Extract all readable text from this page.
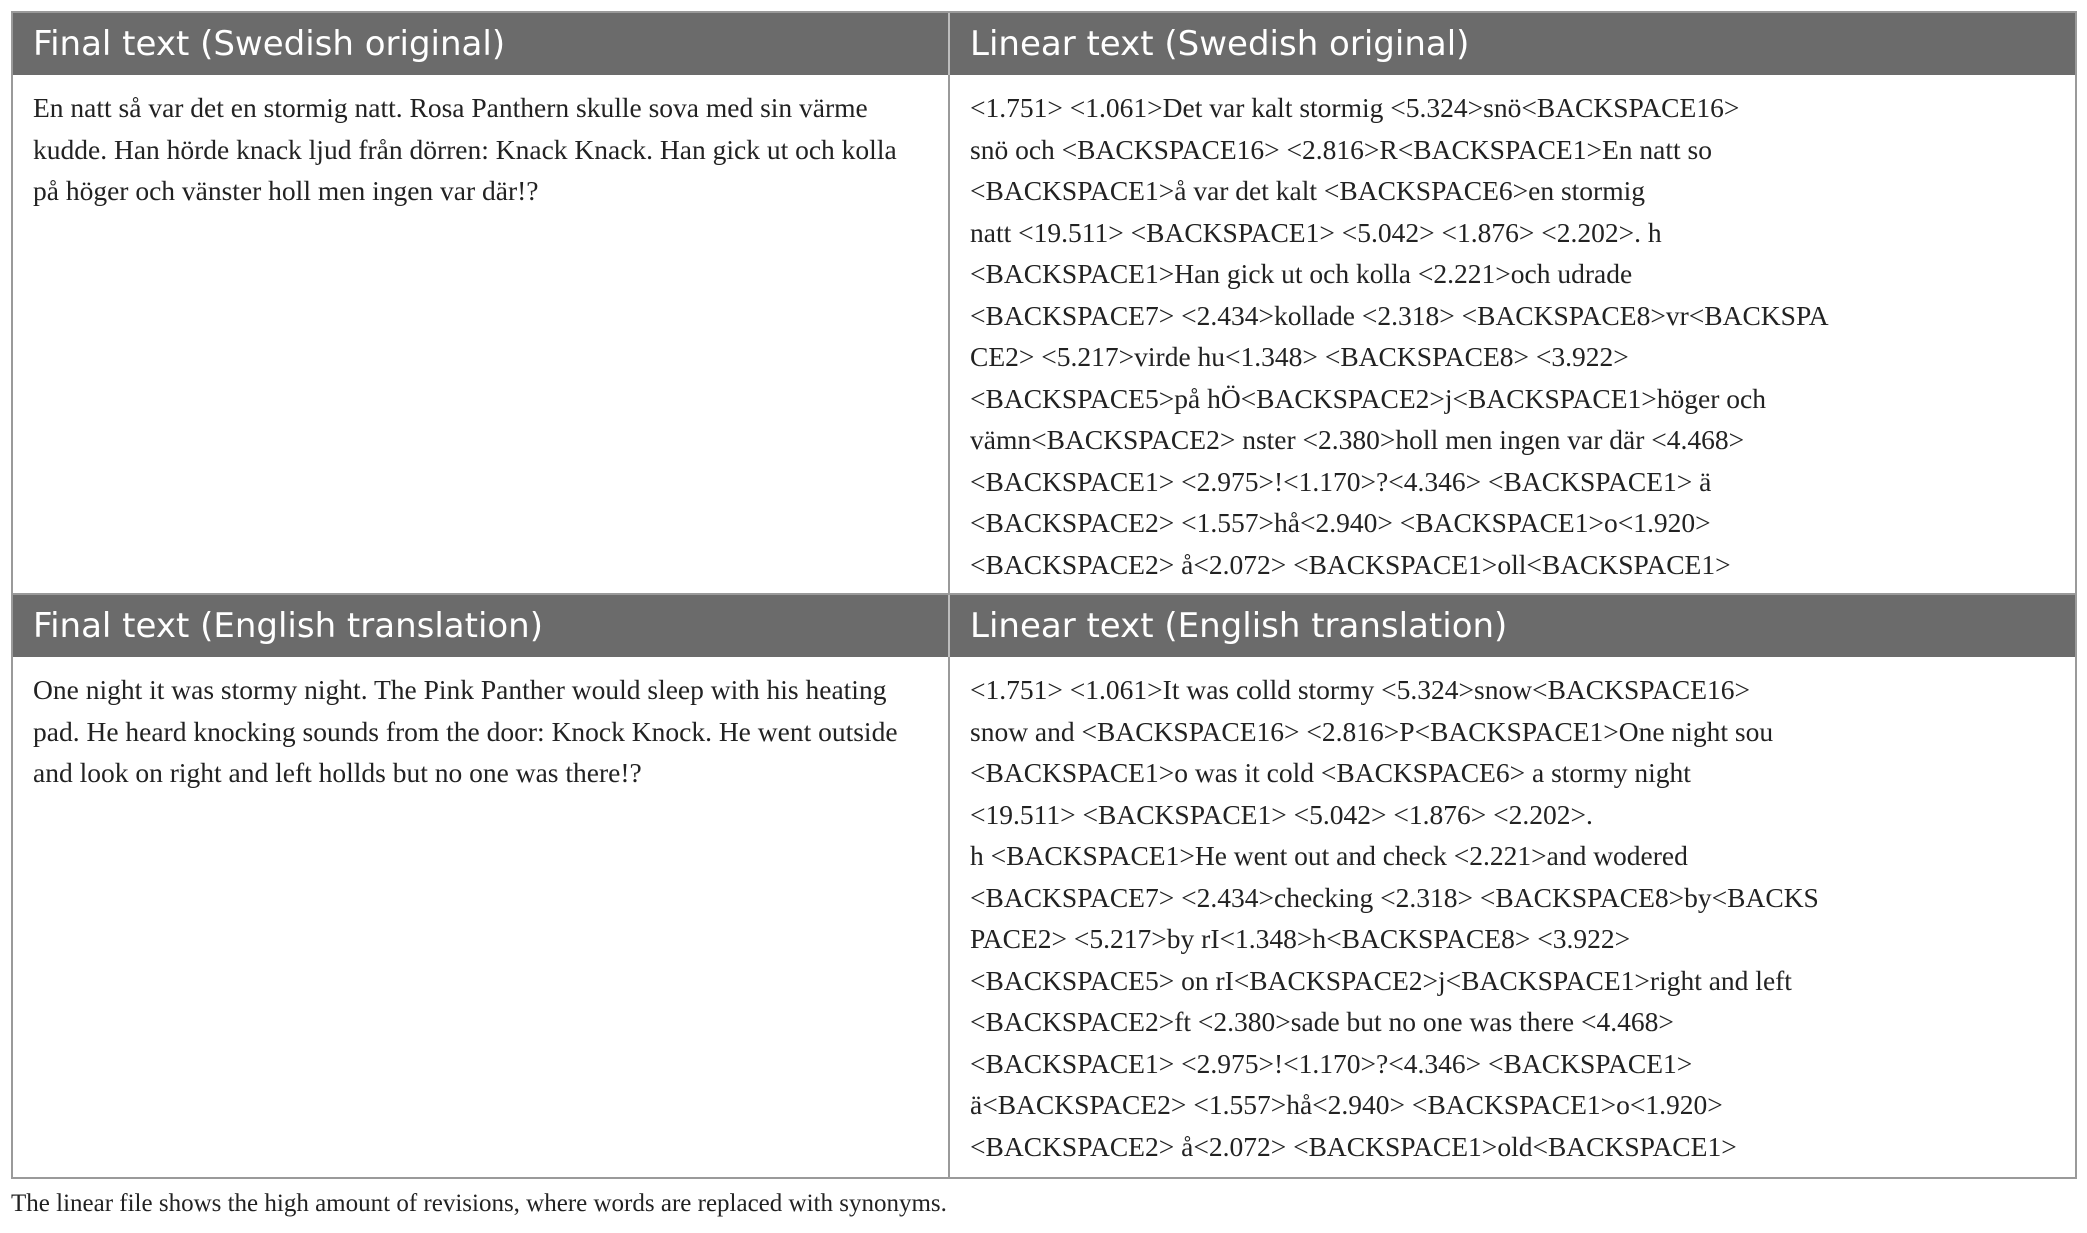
Final text (Swedish original)	Linear text (Swedish original)
En natt så var det en stormig natt. Rosa Panthern skulle sova med sin värme kudde. Han hörde knack ljud från dörren: Knack Knack. Han gick ut och kolla på höger och vänster holl men ingen var där!?
<1.751> <1.061>Det var kalt stormig <5.324>snö<BACKSPACE16>
snö och <BACKSPACE16> <2.816>R<BACKSPACE1>En natt so
<BACKSPACE1>å var det kalt <BACKSPACE6>en stormig
natt <19.511> <BACKSPACE1> <5.042> <1.876> <2.202>. h
<BACKSPACE1>Han gick ut och kolla <2.221>och udrade
<BACKSPACE7> <2.434>kollade <2.318> <BACKSPACE8>vr<BACKSPA
CE2> <5.217>virde hu<1.348> <BACKSPACE8> <3.922>
<BACKSPACE5>på hÖ<BACKSPACE2>j<BACKSPACE1>höger och
vämn<BACKSPACE2> nster <2.380>holl men ingen var där <4.468>
<BACKSPACE1> <2.975>!<1.170>?<4.346> <BACKSPACE1> ä
<BACKSPACE2> <1.557>hå<2.940> <BACKSPACE1>o<1.920>
<BACKSPACE2> å<2.072> <BACKSPACE1>oll<BACKSPACE1>
Final text (English translation)	Linear text (English translation)
One night it was stormy night. The Pink Panther would sleep with his heating pad. He heard knocking sounds from the door: Knock Knock. He went outside and look on right and left hollds but no one was there!?
<1.751> <1.061>It was colld stormy <5.324>snow<BACKSPACE16>
snow and <BACKSPACE16> <2.816>P<BACKSPACE1>One night sou
<BACKSPACE1>o was it cold <BACKSPACE6> a stormy night
<19.511> <BACKSPACE1> <5.042> <1.876> <2.202>.
h <BACKSPACE1>He went out and check <2.221>and wodered
<BACKSPACE7> <2.434>checking <2.318> <BACKSPACE8>by<BACKS
PACE2> <5.217>by rI<1.348>h<BACKSPACE8> <3.922>
<BACKSPACE5> on rI<BACKSPACE2>j<BACKSPACE1>right and left
<BACKSPACE2>ft <2.380>sade but no one was there <4.468>
<BACKSPACE1> <2.975>!<1.170>?<4.346> <BACKSPACE1>
ä<BACKSPACE2> <1.557>hå<2.940> <BACKSPACE1>o<1.920>
<BACKSPACE2> å<2.072> <BACKSPACE1>old<BACKSPACE1>
The linear file shows the high amount of revisions, where words are replaced with synonyms.
